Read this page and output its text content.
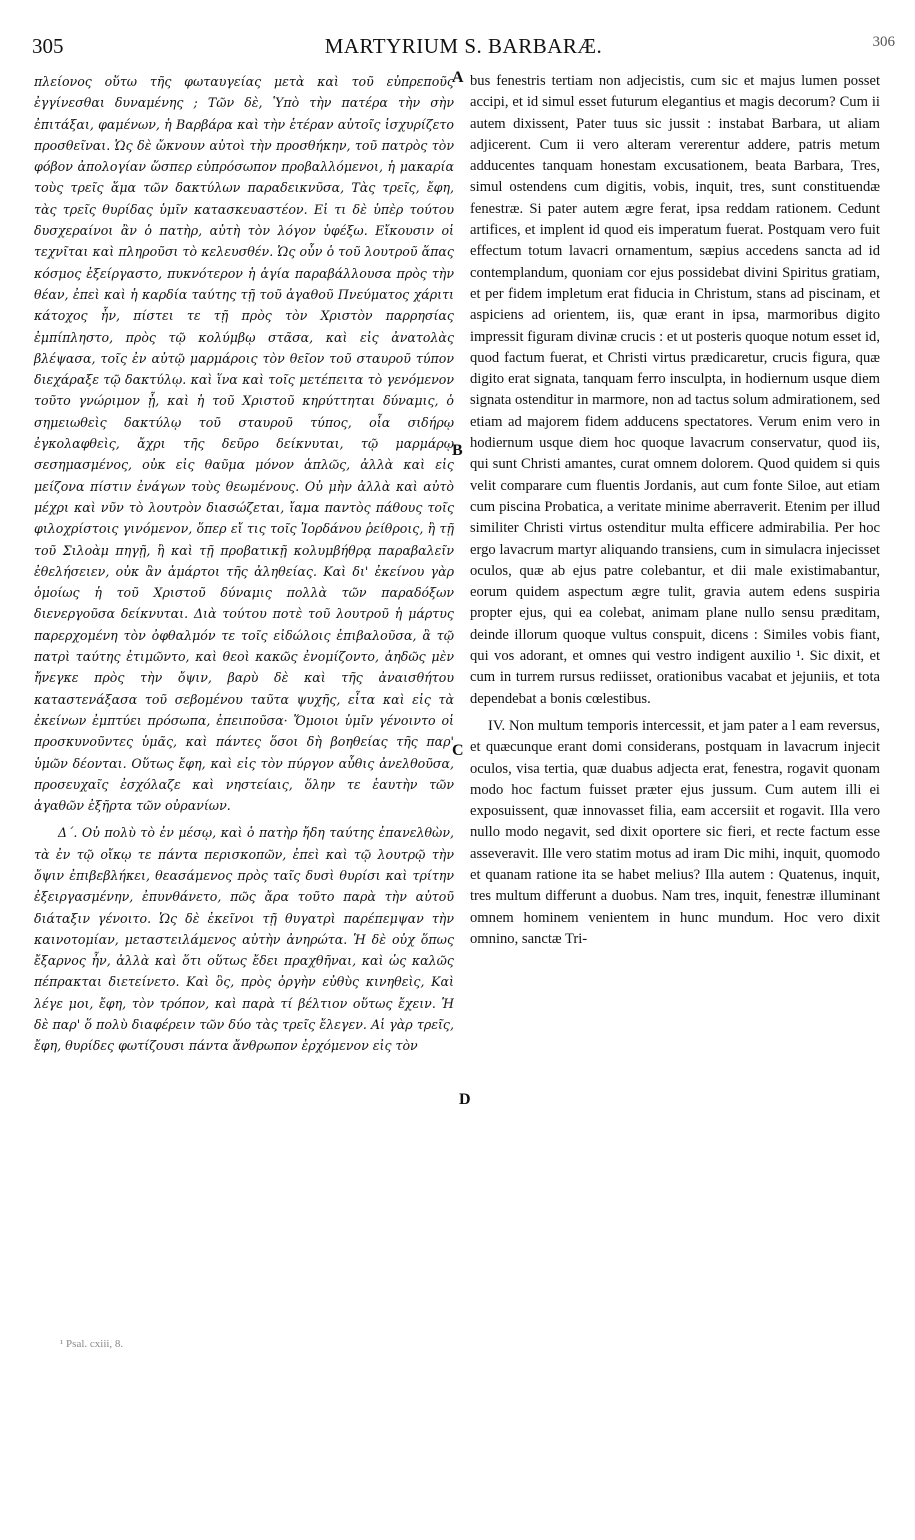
305	MARTYRIUM S. BARBARÆ.	306

πλείονος οὕτω τῆς φωταυγείας μετὰ καὶ τοῦ εὐπρεποῦς ἐγγίνεσθαι δυναμένης ; Τῶν δὲ, Ὑπὸ τὴν πατέρα τὴν σὴν ἐπιτάξαι, φαμένων, ἡ Βαρβάρα καὶ τὴν ἑτέραν αὐτοῖς ἰσχυρίζετο προσθεῖναι. Ὡς δὲ ὤκνουν αὐτοὶ τὴν προσθήκην, τοῦ πατρὸς τὸν φόβον ἀπολογίαν ὥσπερ εὐπρόσωπον προβαλλόμενοι, ἡ μακαρία τοὺς τρεῖς ἅμα τῶν δακτύλων παραδεικνῦσα, Τὰς τρεῖς, ἔφη, τὰς τρεῖς θυρίδας ὑμῖν κατασκευαστέον. Εἰ τι δὲ ὑπὲρ τούτου δυσχεραίνοι ἂν ὁ πατὴρ, αὐτὴ τὸν λόγον ὑφέξω. Εἴκουσιν οἱ τεχνῖται καὶ πληροῦσι τὸ κελευσθέν. Ὡς οὖν ὁ τοῦ λουτροῦ ἅπας κόσμος ἐξείργαστο, πυκνότερον ἡ ἁγία παραβάλλουσα πρὸς τὴν θέαν, ἐπεὶ καὶ ἡ καρδία ταύτης τῇ τοῦ ἀγαθοῦ Πνεύματος χάριτι κάτοχος ἦν, πίστει τε τῇ πρὸς τὸν Χριστὸν παρρησίας ἐμπίπληστο, πρὸς τῷ κολύμβῳ στᾶσα, καὶ εἰς ἀνατολὰς βλέψασα, τοῖς ἐν αὐτῷ μαρμάροις τὸν θεῖον τοῦ σταυροῦ τύπον διεχάραξε τῷ δακτύλῳ. καὶ ἵνα καὶ τοῖς μετέπειτα τὸ γενόμενον τοῦτο γνώριμον ᾖ, καὶ ἡ τοῦ Χριστοῦ κηρύττηται δύναμις, ὁ σημειωθεὶς δακτύλῳ τοῦ σταυροῦ τύπος, οἷα σιδήρῳ ἐγκολαφθεὶς, ἄχρι τῆς δεῦρο δείκνυται, τῷ μαρμάρῳ σεσημασμένος, οὐκ εἰς θαῦμα μόνον ἁπλῶς, ἀλλὰ καὶ εἰς μείζονα πίστιν ἐνάγων τοὺς θεωμένους. Οὐ μὴν ἀλλὰ καὶ αὐτὸ μέχρι καὶ νῦν τὸ λουτρὸν διασώζεται, ἴαμα παντὸς πάθους τοῖς φιλοχρίστοις γινόμενον, ὅπερ εἴ τις τοῖς Ἰορδάνου ῥείθροις, ἢ τῇ τοῦ Σιλοὰμ πηγῇ, ἢ καὶ τῇ προβατικῇ κολυμβήθρᾳ παραβαλεῖν ἐθελήσειεν, οὐκ ἂν ἁμάρτοι τῆς ἀληθείας. Καὶ δι' ἐκείνου γὰρ ὁμοίως ἡ τοῦ Χριστοῦ δύναμις πολλὰ τῶν παραδόξων διενεργοῦσα δείκνυται. Διὰ τούτου ποτὲ τοῦ λουτροῦ ἡ μάρτυς παρερχομένη τὸν ὀφθαλμόν τε τοῖς εἰδώλοις ἐπιβαλοῦσα, ἃ τῷ πατρὶ ταύτης ἐτιμῶντο, καὶ θεοὶ κακῶς ἐνομίζοντο, ἀηδῶς μὲν ἤνεγκε πρὸς τὴν ὄψιν, βαρὺ δὲ καὶ τῆς ἀναισθήτου καταστενάξασα τοῦ σεβομένου ταῦτα ψυχῆς, εἶτα καὶ εἰς τὰ ἐκείνων ἐμπτύει πρόσωπα, ἐπειποῦσα· Ὅμοιοι ὑμῖν γένοιντο οἱ προσκυνοῦντες ὑμᾶς, καὶ πάντες ὅσοι δὴ βοηθείας τῆς παρ' ὑμῶν δέονται. Οὕτως ἔφη, καὶ εἰς τὸν πύργον αὖθις ἀνελθοῦσα, προσευχαῖς ἐσχόλαζε καὶ νηστείαις, ὅλην τε ἑαυτὴν τῶν ἀγαθῶν ἐξῆρτα τῶν οὐρανίων.

Δ΄. Οὐ πολὺ τὸ ἐν μέσῳ, καὶ ὁ πατὴρ ἤδη ταύτης ἐπανελθὼν, τὰ ἐν τῷ οἴκῳ τε πάντα περισκοπῶν, ἐπεὶ καὶ τῷ λουτρῷ τὴν ὄψιν ἐπιβεβλήκει, θεασάμενος πρὸς ταῖς δυσὶ θυρίσι καὶ τρίτην ἐξειργασμένην, ἐπυνθάνετο, πῶς ἄρα τοῦτο παρὰ τὴν αὐτοῦ διάταξιν γένοιτο. Ὡς δὲ ἐκεῖνοι τῇ θυγατρὶ παρέπεμψαν τὴν καινοτομίαν, μεταστειλάμενος αὐτὴν ἀνηρώτα. Ἡ δὲ οὐχ ὅπως ἔξαρνος ἦν, ἀλλὰ καὶ ὅτι οὕτως ἔδει πραχθῆναι, καὶ ὡς καλῶς πέπρακται διετείνετο. Καὶ ὃς, πρὸς ὀργὴν εὐθὺς κινηθεὶς, Καὶ λέγε μοι, ἔφη, τὸν τρόπον, καὶ παρὰ τί βέλτιον οὕτως ἔχειν. Ἡ δὲ παρ' ὅ πολὺ διαφέρειν τῶν δύο τὰς τρεῖς ἔλεγεν. Αἱ γὰρ τρεῖς, ἔφη, θυρίδες φωτίζουσι πάντα ἄνθρωπον ἐρχόμενον εἰς τὸν

A
B
C
D

bus fenestris tertiam non adjecistis, cum sic et majus lumen posset accipi, et id simul esset futurum elegantius et magis decorum? Cum ii autem dixissent, Pater tuus sic jussit : instabat Barbara, ut aliam adjicerent. Cum ii vero alteram vererentur addere, patris metum adducentes tanquam honestam excusationem, beata Barbara, Tres, simul ostendens cum digitis, vobis, inquit, tres, sunt constituendæ fenestræ. Si pater autem ægre ferat, ipsa reddam rationem. Cedunt artifices, et implent id quod eis imperatum fuerat. Postquam vero fuit effectum totum lavacri ornamentum, sæpius accedens sancta ad id contemplandum, quoniam cor ejus possidebat divini Spiritus gratiam, et per fidem impletum erat fiducia in Christum, stans ad piscinam, et aspiciens ad orientem, iis, quæ erant in ipsa, marmoribus digito impressit figuram divinæ crucis : et ut posteris quoque notum esset id, quod factum fuerat, et Christi virtus prædicaretur, crucis figura, quæ digito erat signata, tanquam ferro insculpta, in hodiernum usque diem signata ostenditur in marmore, non ad tactus solum admirationem, sed etiam ad majorem fidem adducens spectatores. Verum enim vero in hodiernum usque diem hoc quoque lavacrum conservatur, quod iis, qui sunt Christi amantes, curat omnem dolorem. Quod quidem si quis velit comparare cum fluentis Jordanis, aut cum fonte Siloe, aut etiam cum piscina Probatica, a veritate minime aberraverit. Etenim per illud similiter Christi virtus ostenditur multa efficere admirabilia. Per hoc ergo lavacrum martyr aliquando transiens, cum in simulacra injecisset oculos, quæ ab ejus patre colebantur, et dii male existimabantur, eorum quidem aspectum ægre tulit, gravia autem edens suspiria propter ejus, qui ea colebat, animam plane nullo sensu præditam, deinde illorum quoque vultus conspuit, dicens : Similes vobis fiant, qui vos adorant, et omnes qui vestro indigent auxilio ¹. Sic dixit, et cum in turrem rursus rediisset, orationibus vacabat et jejuniis, et tota dependebat a bonis cœlestibus.

IV. Non multum temporis intercessit, et jam pater a l eam reversus, et quæcunque erant domi considerans, postquam in lavacrum injecit oculos, visa tertia, quæ duabus adjecta erat, fenestra, rogavit quonam modo hoc factum fuisset præter ejus jussum. Cum autem illi ei exposuissent, quæ innovasset filia, eam accersiit et rogavit. Illa vero nullo modo negavit, sed dixit oportere sic fieri, et recte factum esse asseveravit. Ille vero statim motus ad iram Dic mihi, inquit, quomodo et quanam ratione ita se habet melius? Illa autem : Quatenus, inquit, tres multum differunt a duobus. Nam tres, inquit, fenestræ illuminant omnem hominem venientem in hunc mundum. Hoc vero dixit omnino, sanctæ Tri-

¹ Psal. cxiii, 8.
